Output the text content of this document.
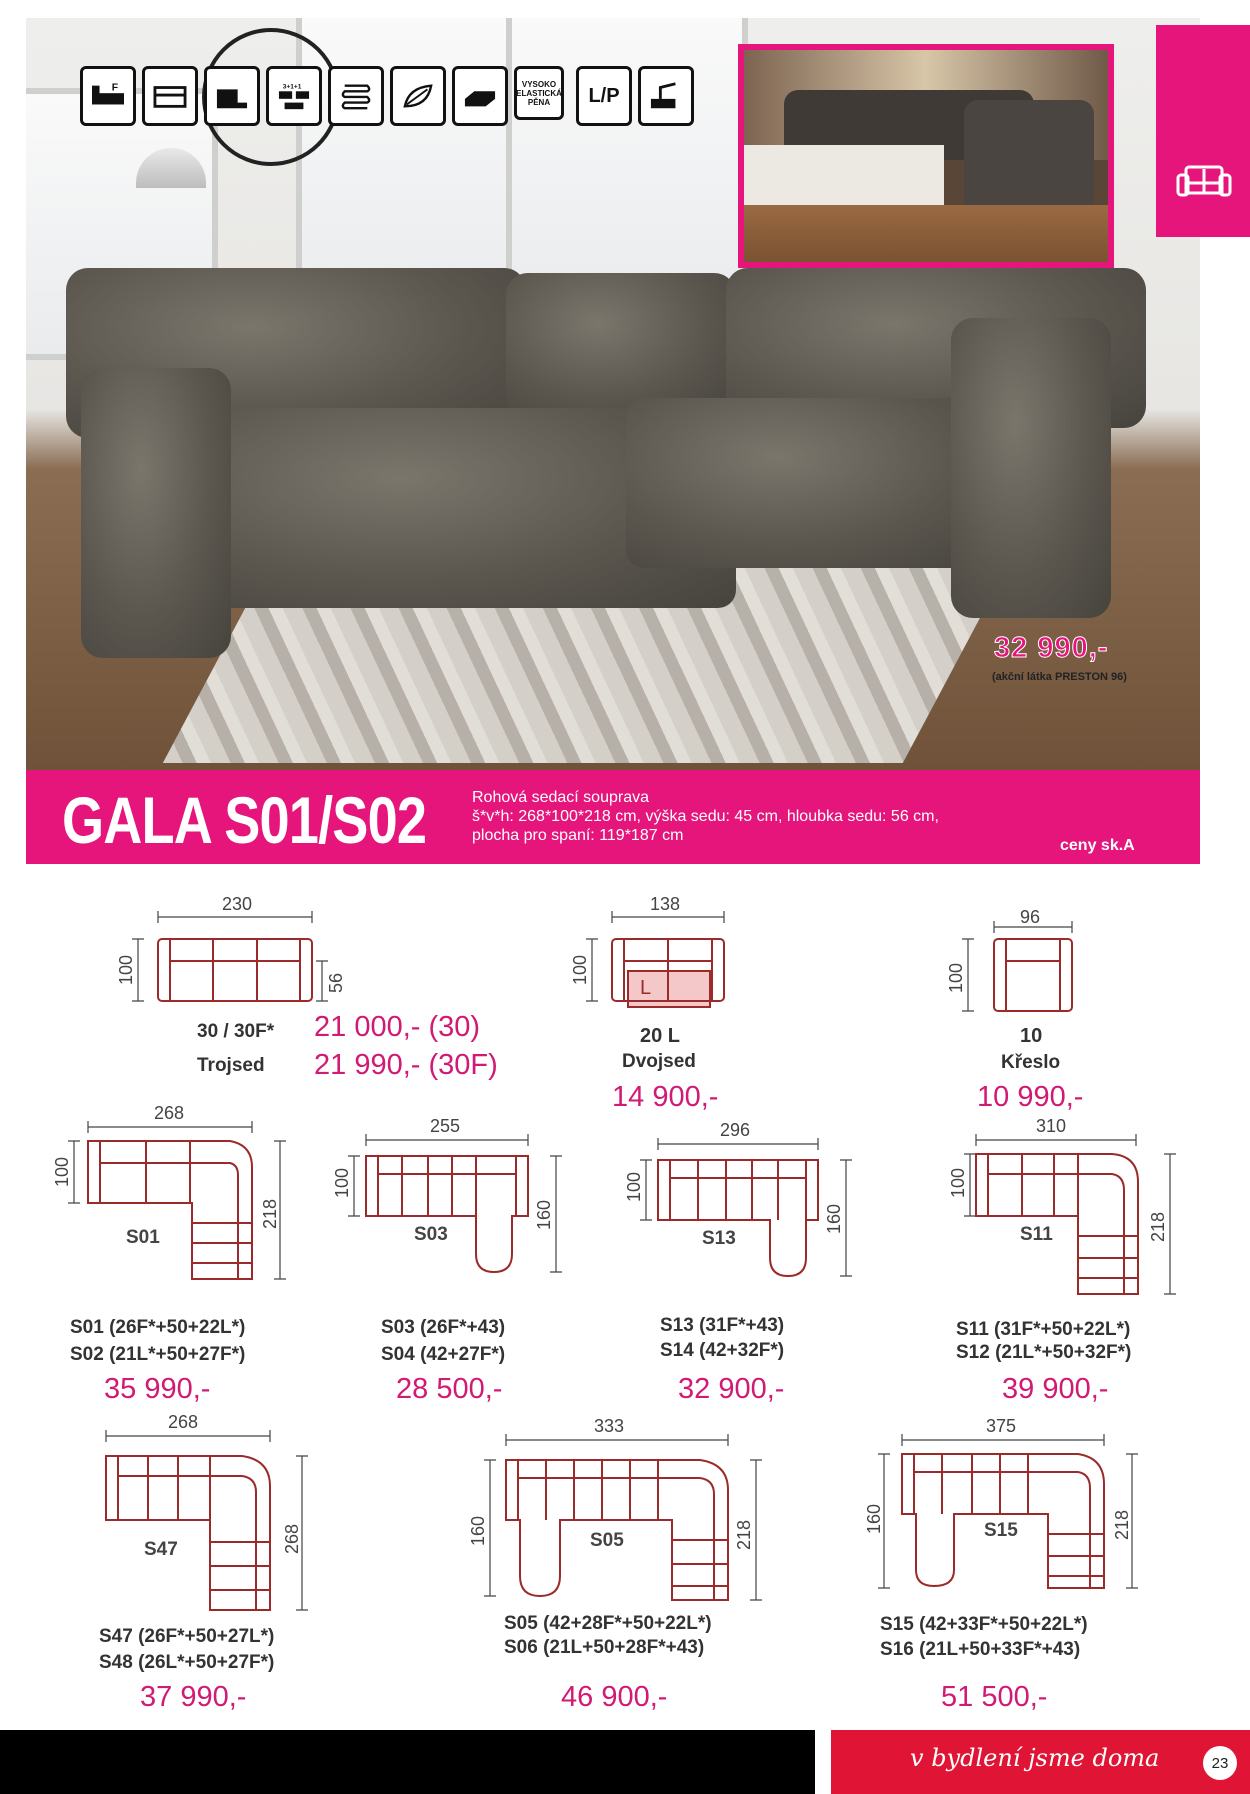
F	3+1+1	VYSOKO ELASTICKÁ PĚNA	L/P
32 990,-
(akční látka PRESTON 96)
GALA S01/S02	Rohová sedací souprava
š*v*h: 268*100*218 cm, výška sedu: 45 cm, hloubka sedu: 56 cm,
plocha pro spaní: 119*187 cm
ceny sk.A
230
100	56
30 / 30F*
Trojsed
21 000,- (30)
21 990,- (30F)
L
138
100
20 L
Dvojsed
14 900,-
96
100
10
Křeslo
10 990,-
268
100
218
S01
255
100
160
S03
296
100
160
S13
310
100
218
S11
S01 (26F*+50+22L*)
S02 (21L*+50+27F*)
35 990,-
S03 (26F*+43)
S04 (42+27F*)
28 500,-
S13 (31F*+43)
S14 (42+32F*)
32 900,-
S11 (31F*+50+22L*)
S12 (21L*+50+32F*)
39 900,-
268
268
S47
333
160	218
S05
375
160	218
S15
S47 (26F*+50+27L*)
S48 (26L*+50+27F*)
37 990,-
S05 (42+28F*+50+22L*)
S06 (21L+50+28F*+43)
46 900,-
S15 (42+33F*+50+22L*)
S16 (21L+50+33F*+43)
51 500,-
v bydlení jsme doma	23
